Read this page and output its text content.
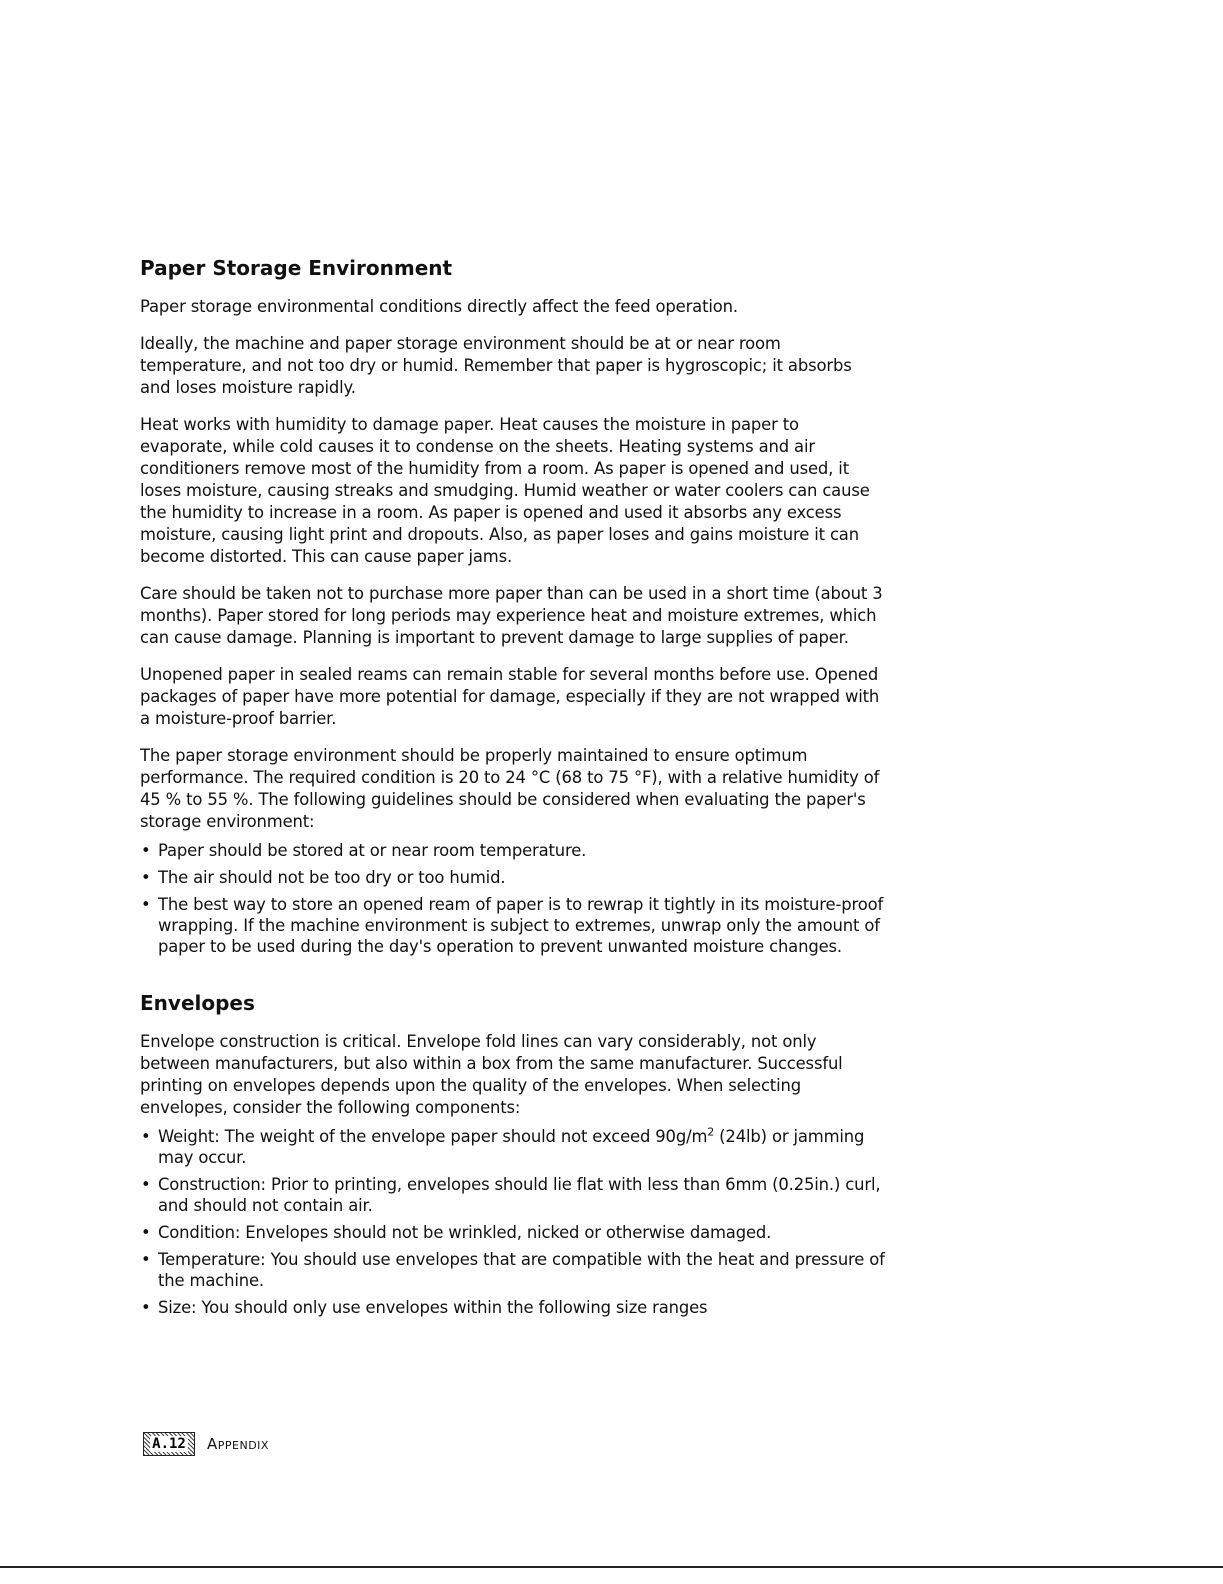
Paper Storage Environment

Paper storage environmental conditions directly affect the feed operation.

Ideally, the machine and paper storage environment should be at or near room temperature, and not too dry or humid. Remember that paper is hygroscopic; it absorbs and loses moisture rapidly.

Heat works with humidity to damage paper. Heat causes the moisture in paper to evaporate, while cold causes it to condense on the sheets. Heating systems and air conditioners remove most of the humidity from a room. As paper is opened and used, it loses moisture, causing streaks and smudging. Humid weather or water coolers can cause the humidity to increase in a room. As paper is opened and used it absorbs any excess moisture, causing light print and dropouts. Also, as paper loses and gains moisture it can become distorted. This can cause paper jams.

Care should be taken not to purchase more paper than can be used in a short time (about 3 months). Paper stored for long periods may experience heat and moisture extremes, which can cause damage. Planning is important to prevent damage to large supplies of paper.

Unopened paper in sealed reams can remain stable for several months before use. Opened packages of paper have more potential for damage, especially if they are not wrapped with a moisture-proof barrier.

The paper storage environment should be properly maintained to ensure optimum performance. The required condition is 20 to 24 °C (68 to 75 °F), with a relative humidity of 45 % to 55 %. The following guidelines should be considered when evaluating the paper's storage environment:

• Paper should be stored at or near room temperature.
• The air should not be too dry or too humid.
• The best way to store an opened ream of paper is to rewrap it tightly in its moisture-proof wrapping. If the machine environment is subject to extremes, unwrap only the amount of paper to be used during the day's operation to prevent unwanted moisture changes.
Envelopes

Envelope construction is critical. Envelope fold lines can vary considerably, not only between manufacturers, but also within a box from the same manufacturer. Successful printing on envelopes depends upon the quality of the envelopes. When selecting envelopes, consider the following components:

• Weight: The weight of the envelope paper should not exceed $90g/m^2$ (24lb) or jamming may occur.
• Construction: Prior to printing, envelopes should lie flat with less than 6mm (0.25in.) curl, and should not contain air.
• Condition: Envelopes should not be wrinkled, nicked or otherwise damaged.
• Temperature: You should use envelopes that are compatible with the heat and pressure of the machine.
• Size: You should only use envelopes within the following size ranges
A.12 Appendix
